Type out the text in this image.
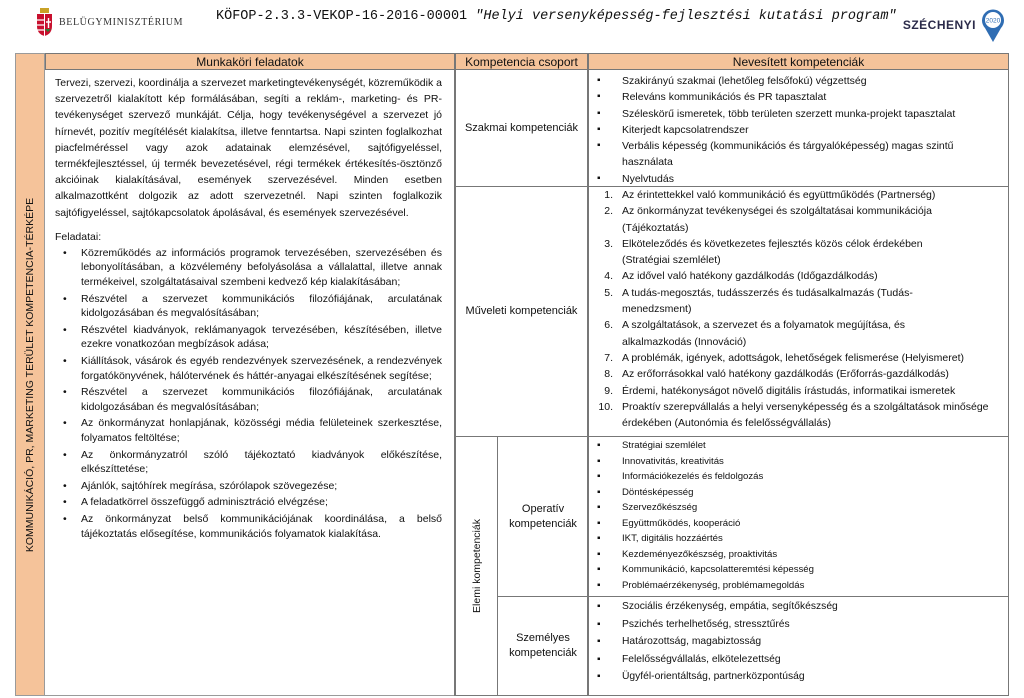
BELÜGYMINISZTÉRIUM KÖFOP-2.3.3-VEKOP-16-2016-00001 "Helyi versenyképesség-fejlesztési kutatási program"
SZÉCHENYI 2020
KOMMUNIKÁCIÓ, PR, MARKETING TERÜLET KOMPETENCIA-TÉRKÉPE
Munkaköri feladatok	Kompetencia csoport	Nevesített kompetenciák

Tervezi, szervezi, koordinálja a szervezet marketingtevékenységét, közreműködik a szervezetről kialakított kép formálásában, segíti a reklám-, marketing- és PR-tevékenységet szervező munkáját. Célja, hogy tevékenységével a szervezet jó hírnevét, pozitív megítélését kialakítsa, illetve fenntartsa. Napi szinten foglalkozhat piacfelméréssel vagy azok adatainak elemzésével, sajtófigyeléssel, termékfejlesztéssel, új termék bevezetésével, régi termékek értékesítés-ösztönző akcióinak kialakításával, események szervezésével. Minden esetben alkalmazottként dolgozik az adott szervezetnél. Napi szinten foglalkozik sajtófigyeléssel, sajtókapcsolatok ápolásával, és események szervezésével.

Feladatai:

• Közreműködés az információs programok tervezésében, szervezésében és lebonyolításában, a közvélemény befolyásolása a vállalattal, illetve annak termékeivel, szolgáltatásaival szembeni kedvező kép kialakításában;
• Részvétel a szervezet kommunikációs filozófiájának, arculatának kidolgozásában és megvalósításában;
• Részvétel kiadványok, reklámanyagok tervezésében, készítésében, illetve ezekre vonatkozóan megbízások adása;
• Kiállítások, vásárok és egyéb rendezvények szervezésének, a rendezvények forgatókönyvének, hálótervének és háttér-anyagai elkészítésének segítése;
• Részvétel a szervezet kommunikációs filozófiájának, arculatának kidolgozásában és megvalósításában;
• Az önkormányzat honlapjának, közösségi média felületeinek szerkesztése, folyamatos feltöltése;
• Az önkormányzatról szóló tájékoztató kiadványok előkészítése, elkészíttetése;
• Ajánlók, sajtóhírek megírása, szórólapok szövegezése;
• A feladatkörrel összefüggő adminisztráció elvégzése;
• Az önkormányzat belső kommunikációjának koordinálása, a belső tájékoztatás elősegítése, kommunikációs folyamatok kialakítása.
Szakmai kompetenciák
Műveleti kompetenciák
Elemi kompetenciák
Operatív kompetenciák
Személyes kompetenciák
▪ Szakirányú szakmai (lehetőleg felsőfokú) végzettség
▪ Releváns kommunikációs és PR tapasztalat
▪ Széleskörű ismeretek, több területen szerzett munka-projekt tapasztalat
▪ Kiterjedt kapcsolatrendszer
▪ Verbális képesség (kommunikációs és tárgyalóképesség) magas szintű használata
▪ Nyelvtudás
1. Az érintettekkel való kommunikáció és együttműködés (Partnerség)
2. Az önkormányzat tevékenységei és szolgáltatásai kommunikációja (Tájékoztatás)
3. Elköteleződés és következetes fejlesztés közös célok érdekében (Stratégiai szemlélet)
4. Az idővel való hatékony gazdálkodás (Időgazdálkodás)
5. A tudás-megosztás, tudásszerzés és tudásalkalmazás (Tudás-menedzsment)
6. A szolgáltatások, a szervezet és a folyamatok megújítása, és alkalmazkodás (Innováció)
7. A problémák, igények, adottságok, lehetőségek felismerése (Helyismeret)
8. Az erőforrásokkal való hatékony gazdálkodás (Erőforrás-gazdálkodás)
9. Érdemi, hatékonyságot növelő digitális írástudás, informatikai ismeretek
10. Proaktív szerepvállalás a helyi versenyképesség és a szolgáltatások minősége érdekében (Autonómia és felelősségvállalás)
▪ Stratégiai szemlélet
▪ Innovativitás, kreativitás
▪ Információkezelés és feldolgozás
▪ Döntésképesség
▪ Szervezőkészség
▪ Együttműködés, kooperáció
▪ IKT, digitális hozzáértés
▪ Kezdeményezőkészség, proaktivitás
▪ Kommunikáció, kapcsolatteremtési képesség
▪ Problémaérzékenység, problémamegoldás
▪ Szociális érzékenység, empátia, segítőkészség
▪ Pszichés terhelhetőség, stressztűrés
▪ Határozottság, magabiztosság
▪ Felelősségvállalás, elkötelezettség
▪ Ügyfél-orientáltság, partnerközpontúság
